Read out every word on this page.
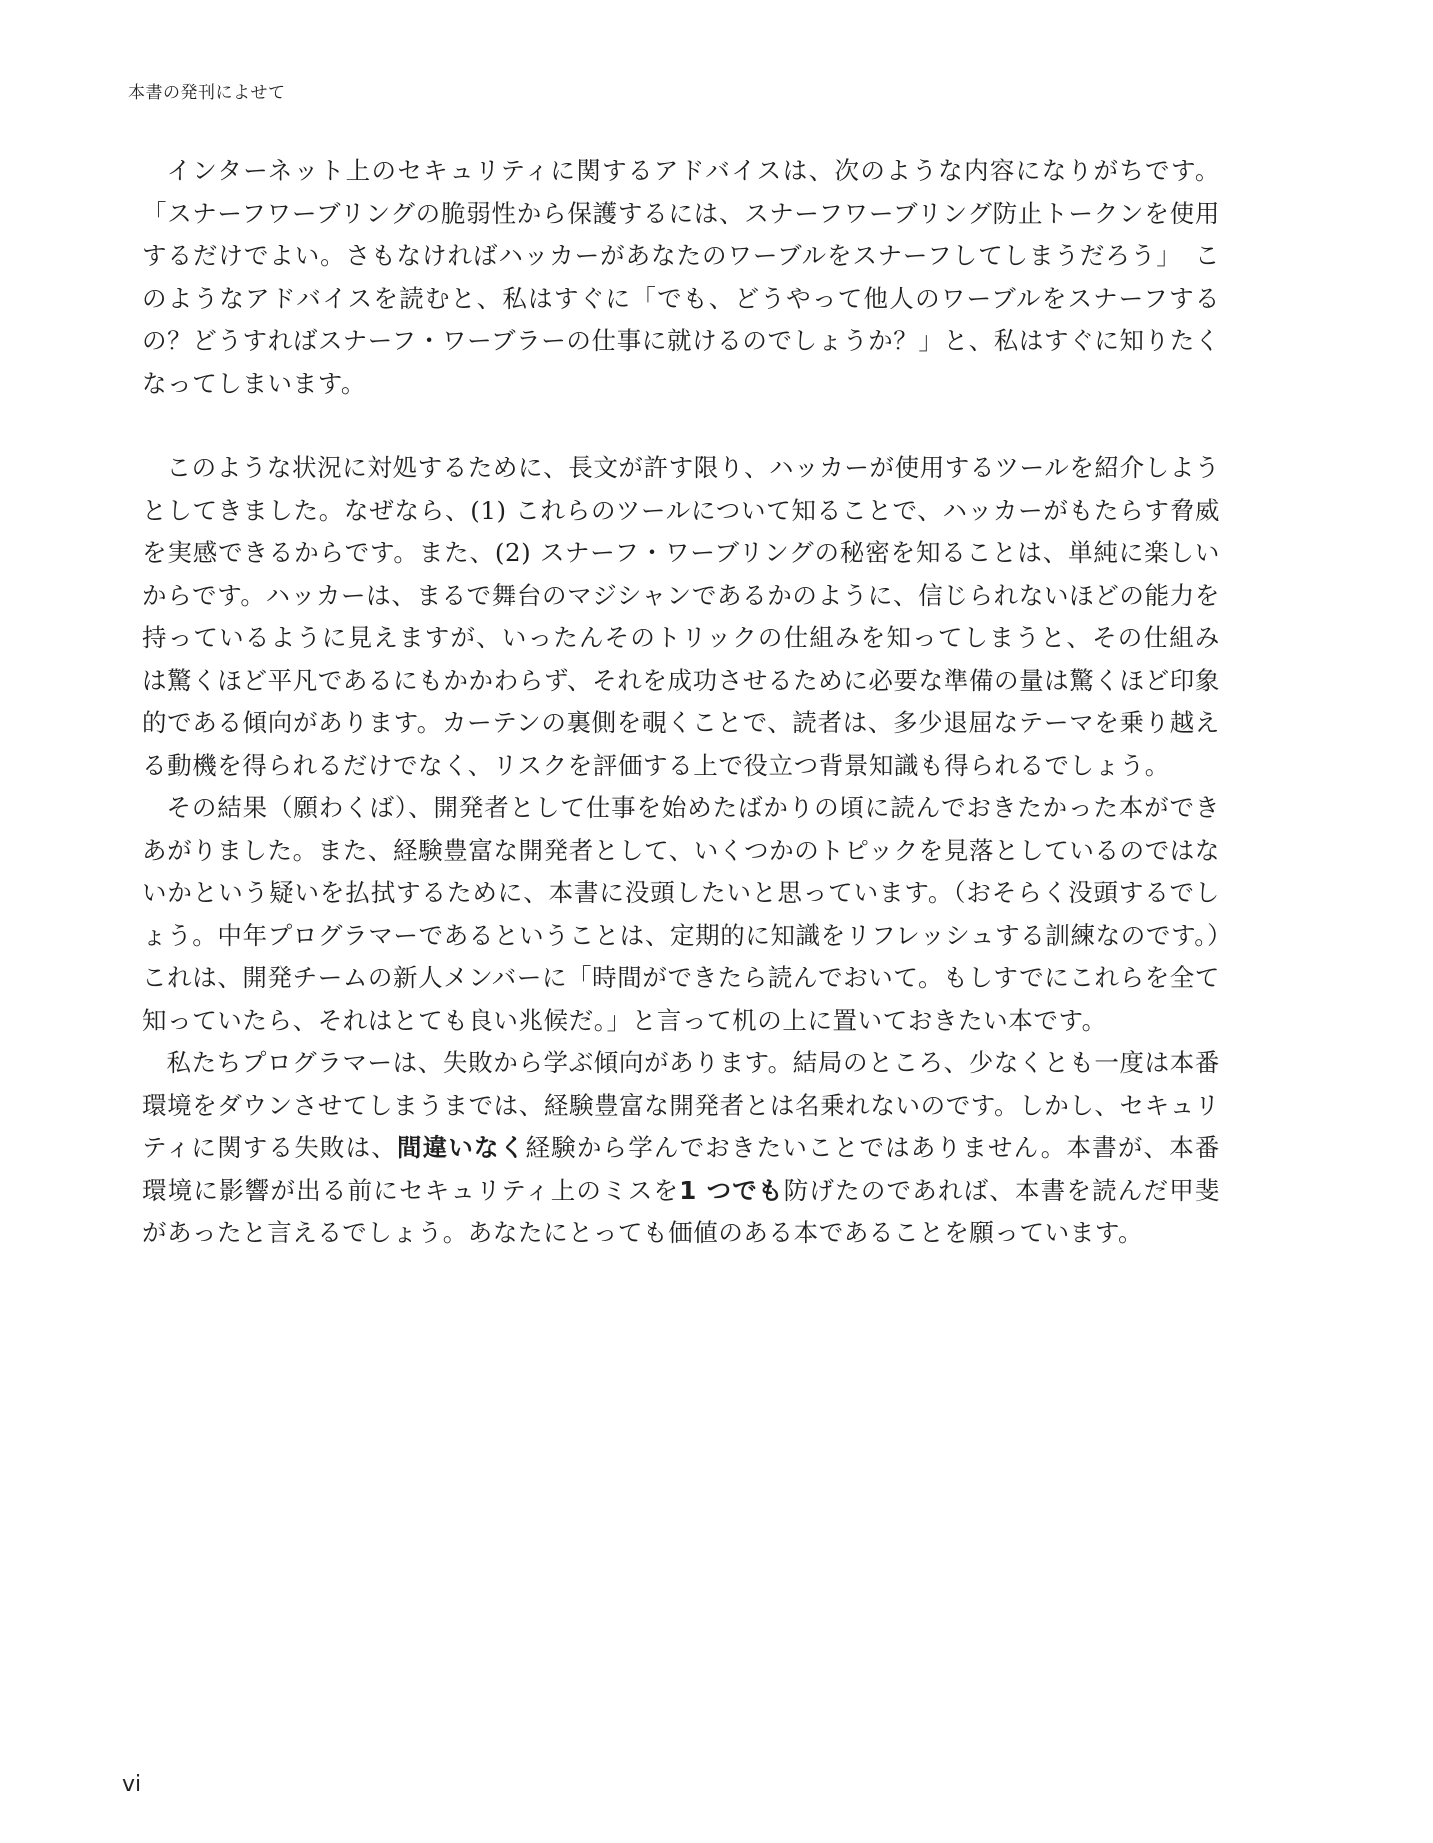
本書の発刊によせて

インターネット上のセキュリティに関するアドバイスは、次のような内容になりがちです。「スナーフワーブリングの脆弱性から保護するには、スナーフワーブリング防止トークンを使用するだけでよい。さもなければハッカーがあなたのワーブルをスナーフしてしまうだろう」　このようなアドバイスを読むと、私はすぐに「でも、どうやって他人のワーブルをスナーフするの？どうすればスナーフ・ワーブラーの仕事に就けるのでしょうか？」と、私はすぐに知りたくなってしまいます。

このような状況に対処するために、長文が許す限り、ハッカーが使用するツールを紹介しようとしてきました。なぜなら、(1) これらのツールについて知ることで、ハッカーがもたらす脅威を実感できるからです。また、(2) スナーフ・ワーブリングの秘密を知ることは、単純に楽しいからです。ハッカーは、まるで舞台のマジシャンであるかのように、信じられないほどの能力を持っているように見えますが、いったんそのトリックの仕組みを知ってしまうと、その仕組みは驚くほど平凡であるにもかかわらず、それを成功させるために必要な準備の量は驚くほど印象的である傾向があります。カーテンの裏側を覗くことで、読者は、多少退屈なテーマを乗り越える動機を得られるだけでなく、リスクを評価する上で役立つ背景知識も得られるでしょう。

その結果（願わくば）、開発者として仕事を始めたばかりの頃に読んでおきたかった本ができあがりました。また、経験豊富な開発者として、いくつかのトピックを見落としているのではないかという疑いを払拭するために、本書に没頭したいと思っています。（おそらく没頭するでしょう。中年プログラマーであるということは、定期的に知識をリフレッシュする訓練なのです。）これは、開発チームの新人メンバーに「時間ができたら読んでおいて。もしすでにこれらを全て知っていたら、それはとても良い兆候だ。」と言って机の上に置いておきたい本です。

私たちプログラマーは、失敗から学ぶ傾向があります。結局のところ、少なくとも一度は本番環境をダウンさせてしまうまでは、経験豊富な開発者とは名乗れないのです。しかし、セキュリティに関する失敗は、間違いなく経験から学んでおきたいことではありません。本書が、本番環境に影響が出る前にセキュリティ上のミスを1 つでも防げたのであれば、本書を読んだ甲斐があったと言えるでしょう。あなたにとっても価値のある本であることを願っています。

vi
